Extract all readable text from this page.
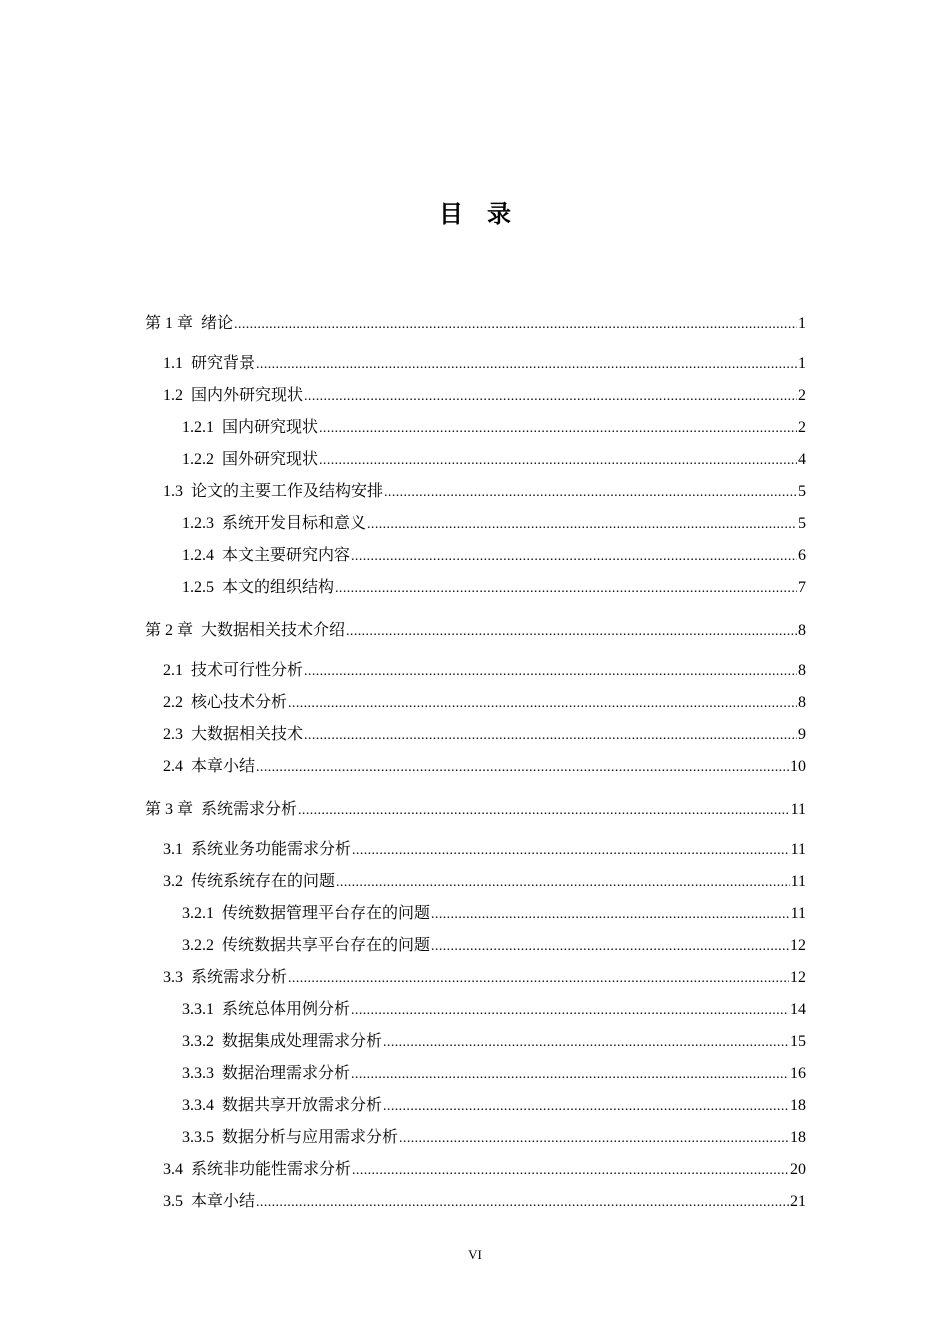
目 录
第 1 章 绪论 .....	1
1.1 研究背景 .....	1
1.2 国内外研究现状 .....	2
1.2.1 国内研究现状 .....	2
1.2.2 国外研究现状 .....	4
1.3 论文的主要工作及结构安排 .....	5
1.2.3 系统开发目标和意义 .....	5
1.2.4 本文主要研究内容 .....	6
1.2.5 本文的组织结构 .....	7
第 2 章 大数据相关技术介绍 .....	8
2.1 技术可行性分析 .....	8
2.2 核心技术分析 .....	8
2.3 大数据相关技术 .....	9
2.4 本章小结 .....	10
第 3 章 系统需求分析 .....	11
3.1 系统业务功能需求分析 .....	11
3.2 传统系统存在的问题 .....	11
3.2.1 传统数据管理平台存在的问题 .....	11
3.2.2 传统数据共享平台存在的问题 .....	12
3.3 系统需求分析 .....	12
3.3.1 系统总体用例分析 .....	14
3.3.2 数据集成处理需求分析 .....	15
3.3.3 数据治理需求分析 .....	16
3.3.4 数据共享开放需求分析 .....	18
3.3.5 数据分析与应用需求分析 .....	18
3.4 系统非功能性需求分析 .....	20
3.5 本章小结 .....	21
VI
